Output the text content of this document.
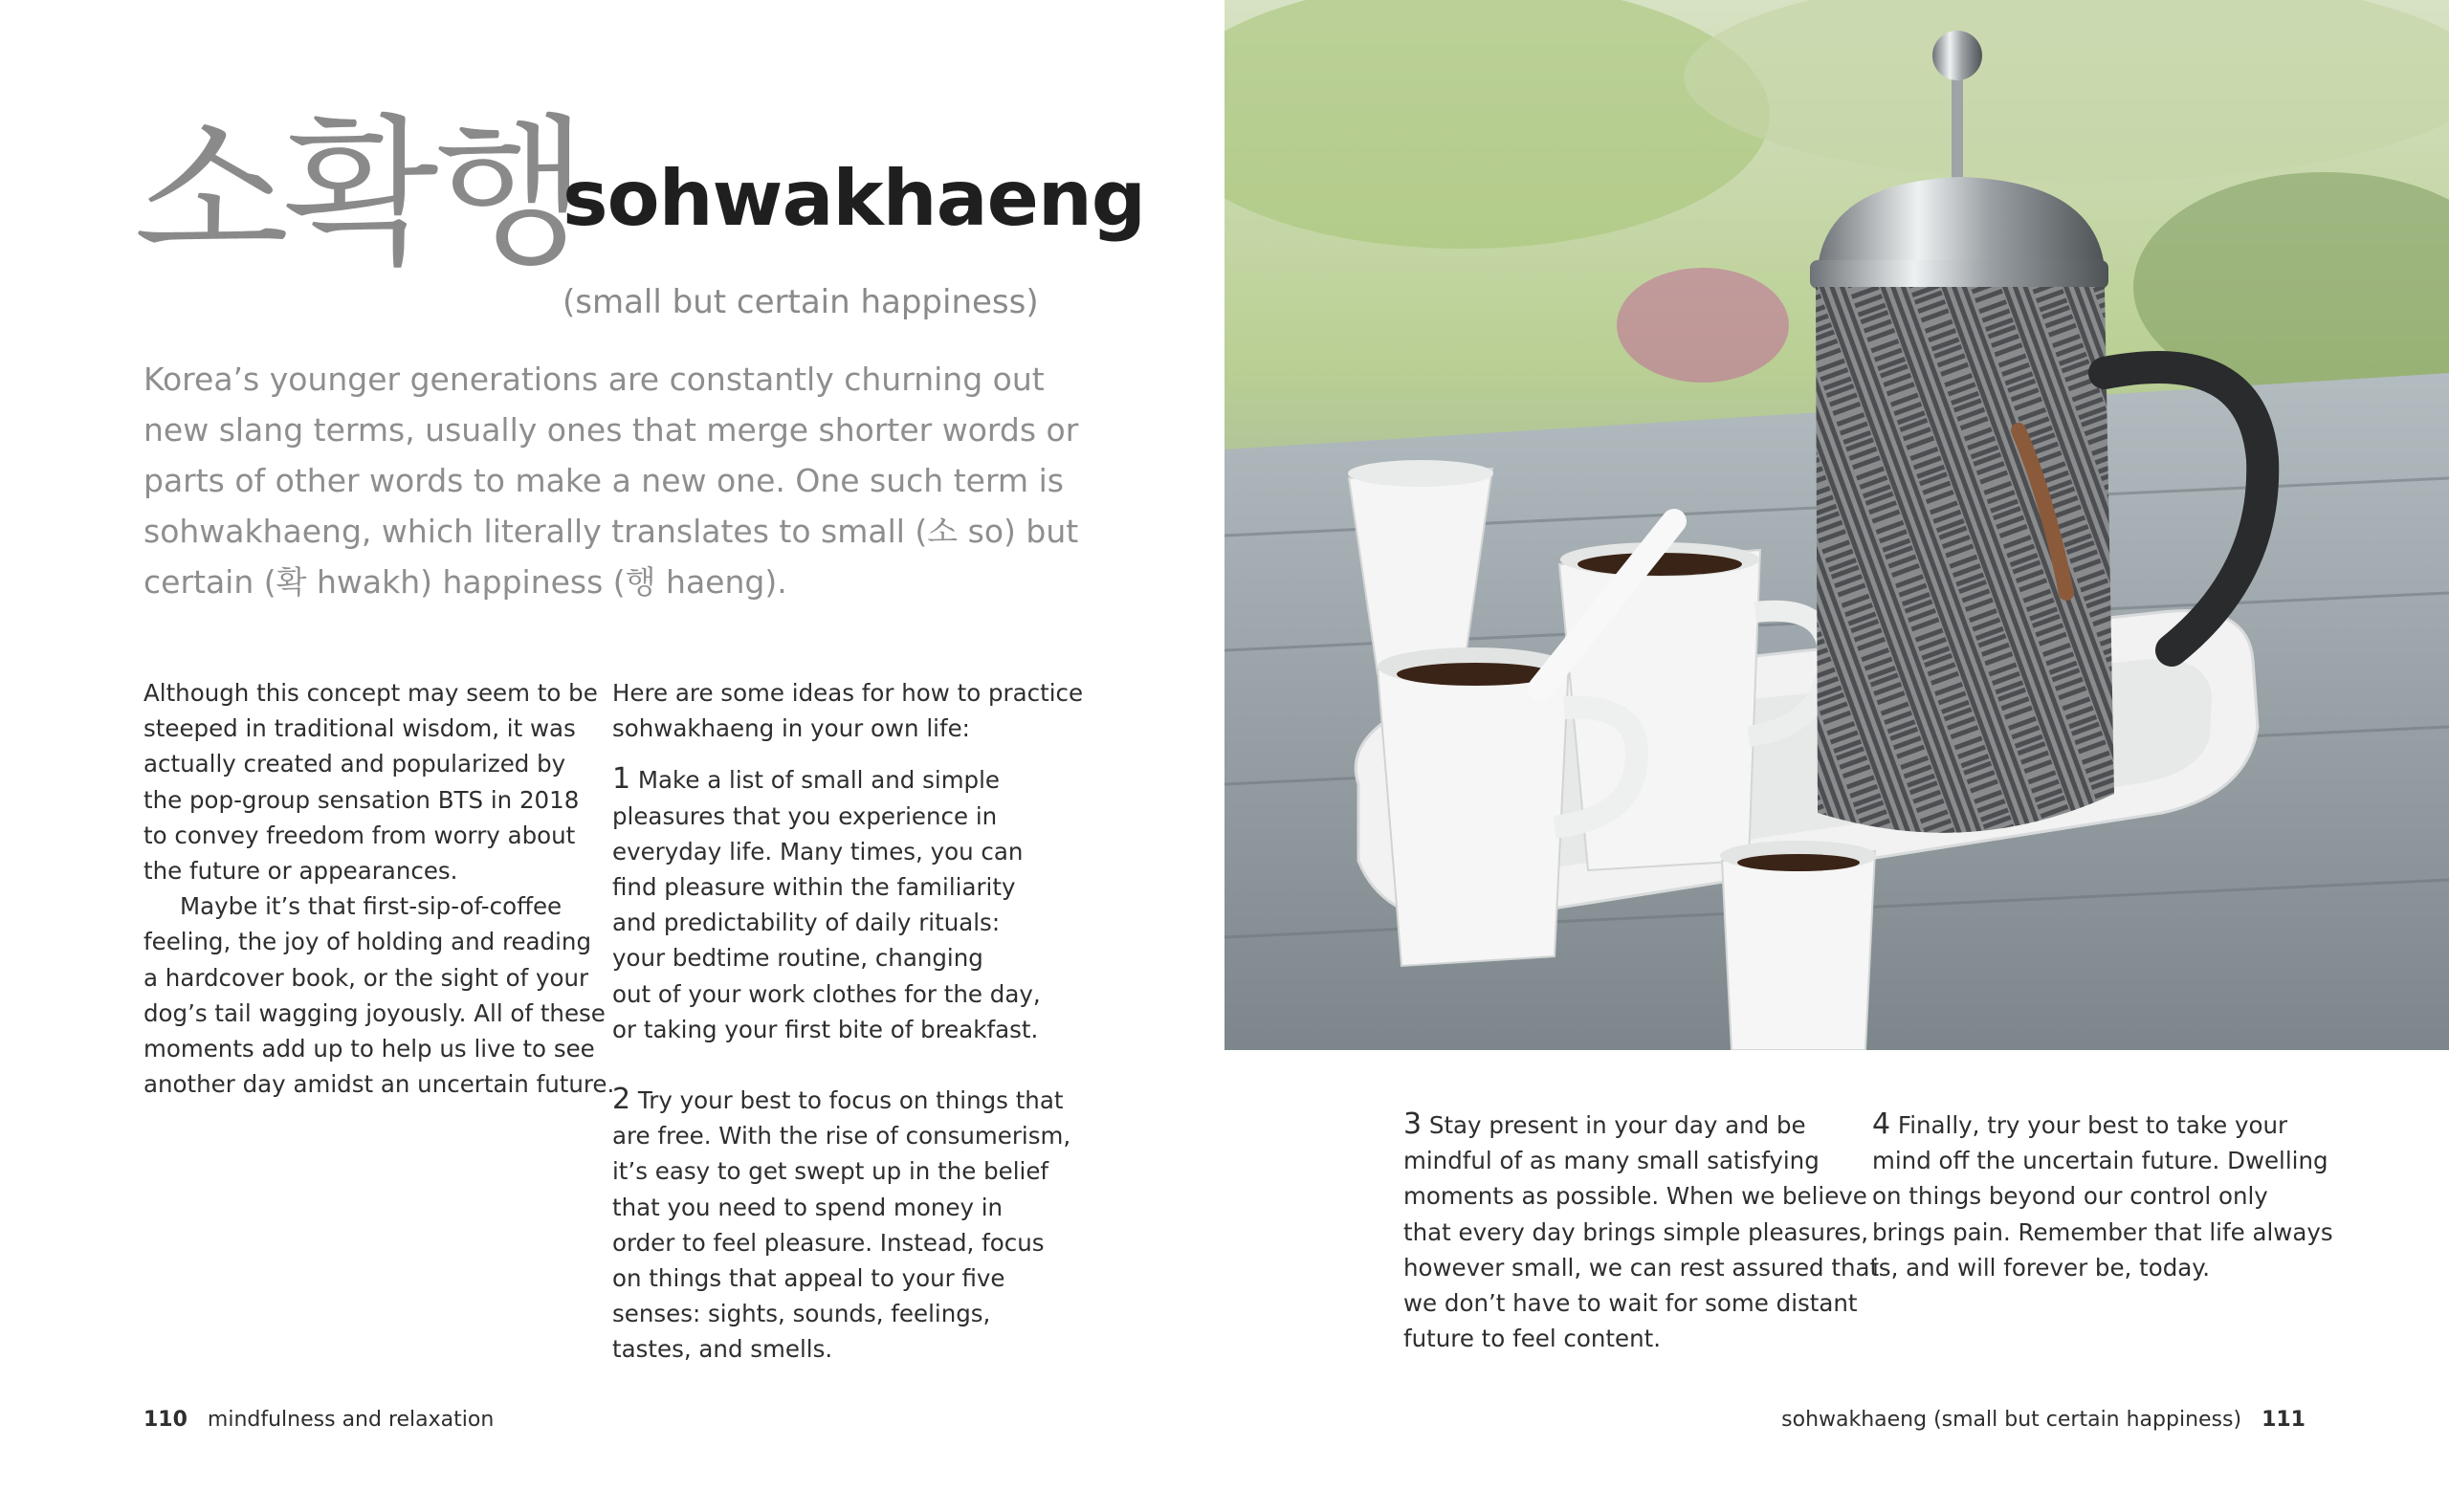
소확행
sohwakhaeng
(small but certain happiness)

Korea’s younger generations are constantly churning out
new slang terms, usually ones that merge shorter words or
parts of other words to make a new one. One such term is
sohwakhaeng, which literally translates to small (소 so) but
certain (확 hwakh) happiness (행 haeng).

Although this concept may seem to be
steeped in traditional wisdom, it was
actually created and popularized by
the pop-group sensation BTS in 2018
to convey freedom from worry about
the future or appearances.
Maybe it’s that first-sip-of-coffee
feeling, the joy of holding and reading
a hardcover book, or the sight of your
dog’s tail wagging joyously. All of these
moments add up to help us live to see
another day amidst an uncertain future.
Here are some ideas for how to practice
sohwakhaeng in your own life:
1 Make a list of small and simple
pleasures that you experience in
everyday life. Many times, you can
find pleasure within the familiarity
and predictability of daily rituals:
your bedtime routine, changing
out of your work clothes for the day,
or taking your first bite of breakfast.
2 Try your best to focus on things that
are free. With the rise of consumerism,
it’s easy to get swept up in the belief
that you need to spend money in
order to feel pleasure. Instead, focus
on things that appeal to your five
senses: sights, sounds, feelings,
tastes, and smells.
110 mindfulness and relaxation
3 Stay present in your day and be
mindful of as many small satisfying
moments as possible. When we believe
that every day brings simple pleasures,
however small, we can rest assured that
we don’t have to wait for some distant
future to feel content.
4 Finally, try your best to take your
mind off the uncertain future. Dwelling
on things beyond our control only
brings pain. Remember that life always
is, and will forever be, today.
sohwakhaeng (small but certain happiness) 111
